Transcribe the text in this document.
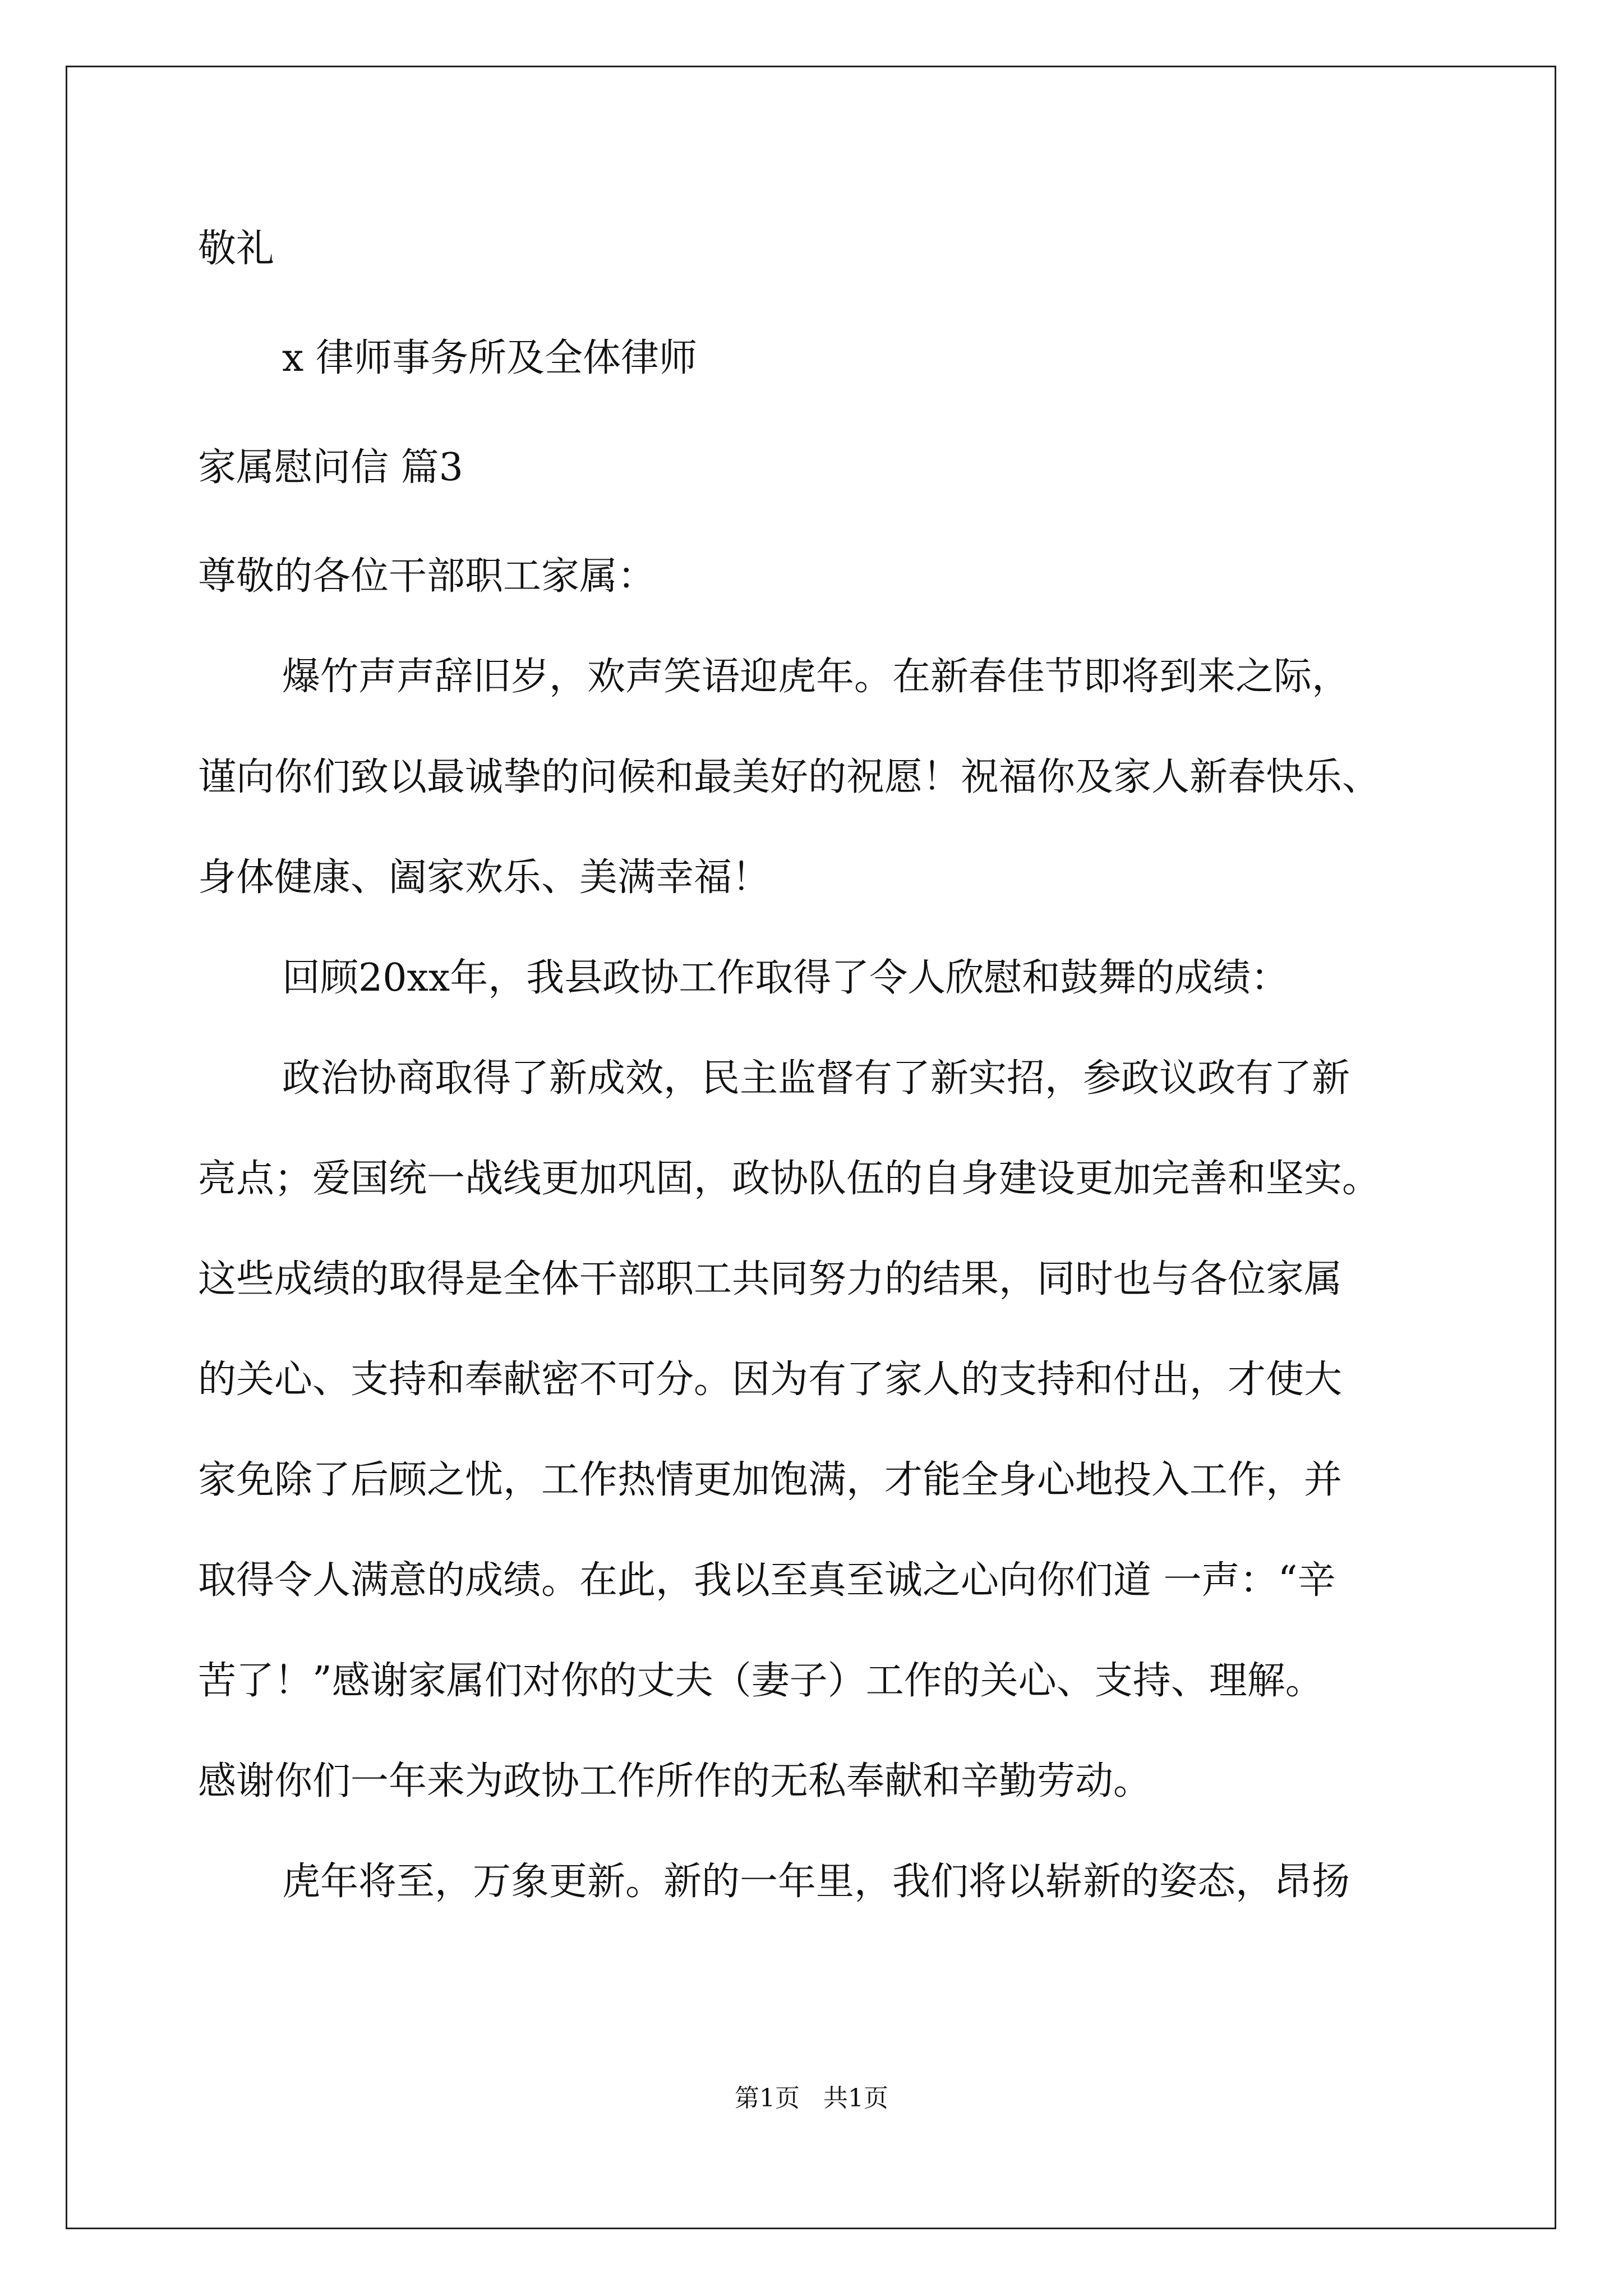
敬礼
x 律师事务所及全体律师
家属慰问信 篇3
尊敬的各位干部职工家属：
爆竹声声辞旧岁，欢声笑语迎虎年。在新春佳节即将到来之际，
谨向你们致以最诚挚的问候和最美好的祝愿！祝福你及家人新春快乐、
身体健康、阖家欢乐、美满幸福！
回顾20xx年，我县政协工作取得了令人欣慰和鼓舞的成绩：
政治协商取得了新成效，民主监督有了新实招，参政议政有了新
亮点；爱国统一战线更加巩固，政协队伍的自身建设更加完善和坚实。
这些成绩的取得是全体干部职工共同努力的结果，同时也与各位家属
的关心、支持和奉献密不可分。因为有了家人的支持和付出，才使大
家免除了后顾之忧，工作热情更加饱满，才能全身心地投入工作，并
取得令人满意的成绩。在此，我以至真至诚之心向你们道 一声：“辛
苦了！”感谢家属们对你的丈夫（妻子）工作的关心、支持、理解。
感谢你们一年来为政协工作所作的无私奉献和辛勤劳动。
虎年将至，万象更新。新的一年里，我们将以崭新的姿态，昂扬
第1页   共1页
